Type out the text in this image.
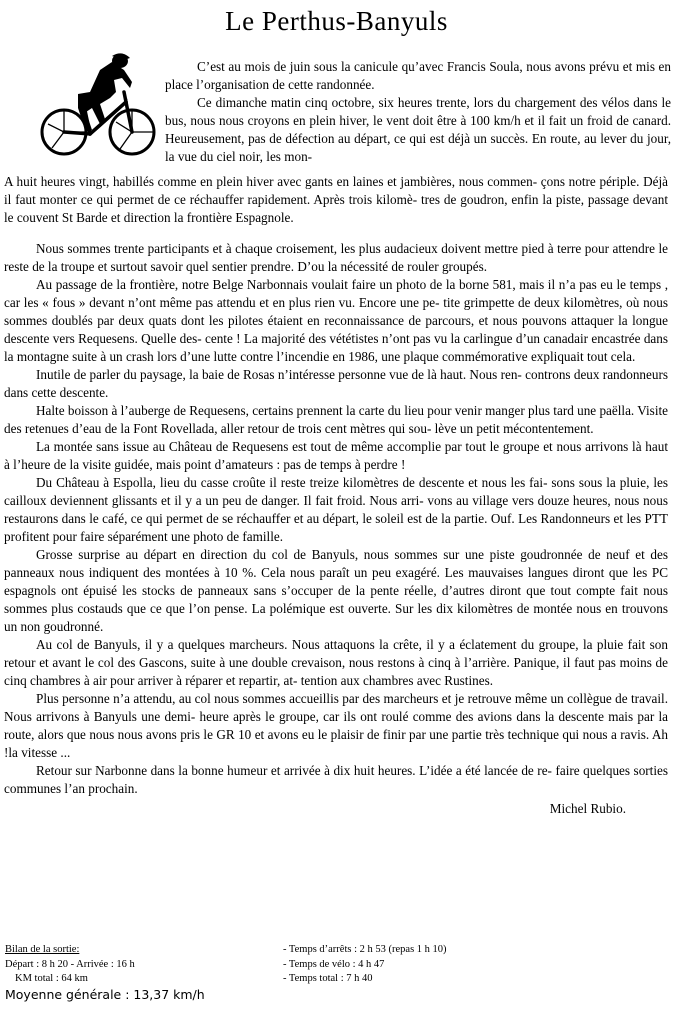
Le Perthus-Banyuls

C’est au mois de juin sous la canicule qu’avec Francis Soula, nous avons prévu et mis en place l’organisation de cette randonnée.

Ce dimanche matin cinq octobre, six heures trente, lors du chargement des vélos dans le bus, nous nous croyons en plein hiver, le vent doit être à 100 km/h et il fait un froid de canard. Heureusement, pas de défection au départ, ce qui est déjà un succès. En route, au lever du jour, la vue du ciel noir, les mon-

A huit heures vingt, habillés comme en plein hiver avec gants en laines et jambières, nous commen- çons notre périple. Déjà il faut monter ce qui permet de ce réchauffer rapidement. Après trois kilomè- tres de goudron, enfin la piste, passage devant le couvent St Barde et direction la frontière Espagnole.

Nous sommes trente participants et à chaque croisement, les plus audacieux doivent mettre pied à terre pour attendre le reste de la troupe et surtout savoir quel sentier prendre. D’ou la nécessité de rouler groupés.

Au passage de la frontière, notre Belge Narbonnais voulait faire un photo de la borne 581, mais il n’a pas eu le temps , car les « fous » devant n’ont même pas attendu et en plus rien vu. Encore une pe- tite grimpette de deux kilomètres, où nous sommes doublés par deux quats dont les pilotes étaient en reconnaissance de parcours, et nous pouvons attaquer la longue descente vers Requesens. Quelle des- cente ! La majorité des vététistes n’ont pas vu la carlingue d’un canadair encastrée dans la montagne suite à un crash lors d’une lutte contre l’incendie en 1986, une plaque commémorative expliquait tout cela.

Inutile de parler du paysage, la baie de Rosas n’intéresse personne vue de là haut. Nous ren- controns deux randonneurs dans cette descente.

Halte boisson à l’auberge de Requesens, certains prennent la carte du lieu pour venir manger plus tard une paëlla. Visite des retenues d’eau de la Font Rovellada, aller retour de trois cent mètres qui sou- lève un petit mécontentement.

La montée sans issue au Château de Requesens est tout de même accomplie par tout le groupe et nous arrivons là haut à l’heure de la visite guidée, mais point d’amateurs : pas de temps à perdre !

Du Château à Espolla, lieu du casse croûte il reste treize kilomètres de descente et nous les fai- sons sous la pluie, les cailloux deviennent glissants et il y a un peu de danger. Il fait froid. Nous arri- vons au village vers douze heures, nous nous restaurons dans le café, ce qui permet de se réchauffer et au départ, le soleil est de la partie. Ouf. Les Randonneurs et les PTT profitent pour faire séparément une photo de famille.

Grosse surprise au départ en direction du col de Banyuls, nous sommes sur une piste goudronnée de neuf et des panneaux nous indiquent des montées à 10 %. Cela nous paraît un peu exagéré. Les mauvaises langues diront que les PC espagnols ont épuisé les stocks de panneaux sans s’occuper de la pente réelle, d’autres diront que tout compte fait nous sommes plus costauds que ce que l’on pense. La polémique est ouverte. Sur les dix kilomètres de montée nous en trouvons un non goudronné.

Au col de Banyuls, il y a quelques marcheurs. Nous attaquons la crête, il y a éclatement du groupe, la pluie fait son retour et avant le col des Gascons, suite à une double crevaison, nous restons à cinq à l’arrière. Panique, il faut pas moins de cinq chambres à air pour arriver à réparer et repartir, at- tention aux chambres avec Rustines.

Plus personne n’a attendu, au col nous sommes accueillis par des marcheurs et je retrouve même un collègue de travail. Nous arrivons à Banyuls une demi- heure après le groupe, car ils ont roulé comme des avions dans la descente mais par la route, alors que nous nous avons pris le GR 10 et avons eu le plaisir de finir par une partie très technique qui nous a ravis. Ah !la vitesse ...

Retour sur Narbonne dans la bonne humeur et arrivée à dix huit heures. L’idée a été lancée de re- faire quelques sorties communes l’an prochain.

Michel Rubio.

Bilan de la sortie:
Départ : 8 h 20 - Arrivée : 16 h
KM total : 64 km
Moyenne générale : 13,37 km/h
- Temps d’arrêts : 2 h 53 (repas 1 h 10)
- Temps de vélo : 4 h 47
- Temps total : 7 h 40
